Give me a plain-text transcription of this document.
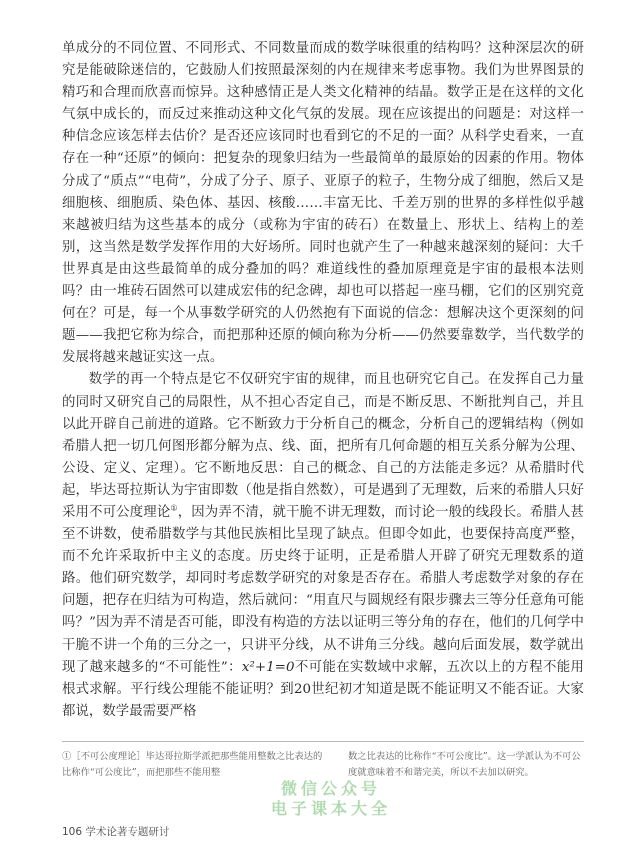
单成分的不同位置、不同形式、不同数量而成的数学味很重的结构吗？这种深层次的研究是能破除迷信的，它鼓励人们按照最深刻的内在规律来考虑事物。我们为世界图景的精巧和合理而欣喜而惊异。这种感情正是人类文化精神的结晶。数学正是在这样的文化气氛中成长的，而反过来推动这种文化气氛的发展。现在应该提出的问题是：对这样一种信念应该怎样去估价？是否还应该同时也看到它的不足的一面？从科学史看来，一直存在一种“还原”的倾向：把复杂的现象归结为一些最简单的最原始的因素的作用。物体分成了“质点”“电荷”，分成了分子、原子、亚原子的粒子，生物分成了细胞，然后又是细胞核、细胞质、染色体、基因、核酸……丰富无比、千差万别的世界的多样性似乎越来越被归结为这些基本的成分（或称为宇宙的砖石）在数量上、形状上、结构上的差别，这当然是数学发挥作用的大好场所。同时也就产生了一种越来越深刻的疑问：大千世界真是由这些最简单的成分叠加的吗？难道线性的叠加原理竟是宇宙的最根本法则吗？由一堆砖石固然可以建成宏伟的纪念碑，却也可以搭起一座马棚，它们的区别究竟何在？可是，每一个从事数学研究的人仍然抱有下面说的信念：想解决这个更深刻的问题——我把它称为综合，而把那种还原的倾向称为分析——仍然要靠数学，当代数学的发展将越来越证实这一点。

数学的再一个特点是它不仅研究宇宙的规律，而且也研究它自己。在发挥自己力量的同时又研究自己的局限性，从不担心否定自己，而是不断反思、不断批判自己，并且以此开辟自己前进的道路。它不断致力于分析自己的概念，分析自己的逻辑结构（例如希腊人把一切几何图形都分解为点、线、面，把所有几何命题的相互关系分解为公理、公设、定义、定理）。它不断地反思：自己的概念、自己的方法能走多远？从希腊时代起，毕达哥拉斯认为宇宙即数（他是指自然数），可是遇到了无理数，后来的希腊人只好采用不可公度理论①，因为弄不清，就干脆不讲无理数，而讨论一般的线段长。希腊人甚至不讲数，使希腊数学与其他民族相比呈现了缺点。但即令如此，也要保持高度严整，而不允许采取折中主义的态度。历史终于证明，正是希腊人开辟了研究无理数系的道路。他们研究数学，却同时考虑数学研究的对象是否存在。希腊人考虑数学对象的存在问题，把存在归结为可构造，然后就问：“用直尺与圆规经有限步骤去三等分任意角可能吗？”因为弄不清是否可能，即没有构造的方法以证明三等分角的存在，他们的几何学中干脆不讲一个角的三分之一，只讲平分线，从不讲角三分线。越向后面发展，数学就出现了越来越多的“不可能性”：x²+1=0不可能在实数域中求解，五次以上的方程不能用根式求解。平行线公理能不能证明？到20世纪初才知道是既不能证明又不能否证。大家都说，数学最需要严格

①［不可公度理论］毕达哥拉斯学派把那些能用整数之比表达的比称作“可公度比”，而把那些不能用整
数之比表达的比称作“不可公度比”。这一学派认为不可公度就意味着不和谐完美，所以不去加以研究。
微信公众号
电子课本大全
106 学术论著专题研讨
